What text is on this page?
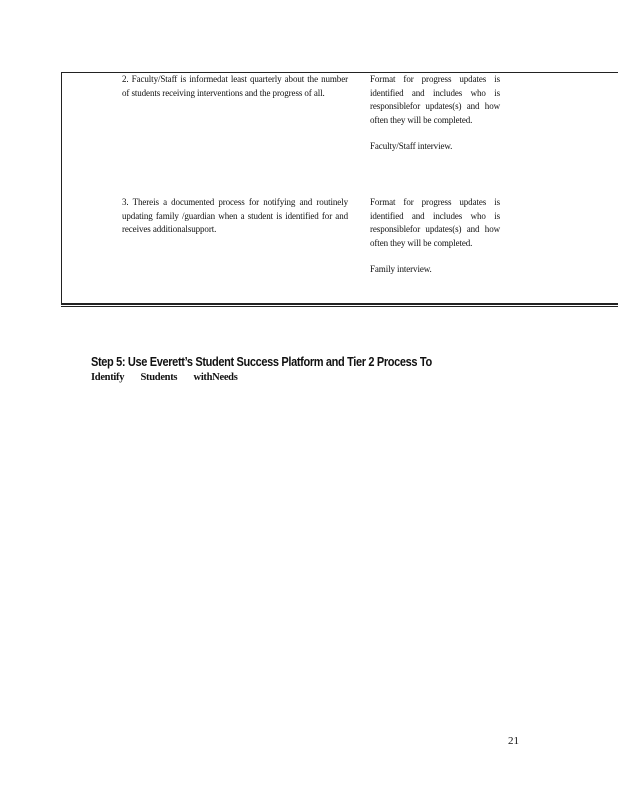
2. Faculty/Staff is informedat least quarterly about the number of students receiving interventions and the progress of all.

Format for progress updates is identified and includes who is responsiblefor updates(s) and how often they will be completed.

Faculty/Staff interview.

3. Thereis a documented process for notifying and routinely updating family /guardian when a student is identified for and receives additionalsupport.

Format for progress updates is identified and includes who is responsiblefor updates(s) and how often they will be completed.

Family interview.

Step 5: Use Everett’s Student Success Platform and Tier 2 Process To
Identify Students withNeeds
21
